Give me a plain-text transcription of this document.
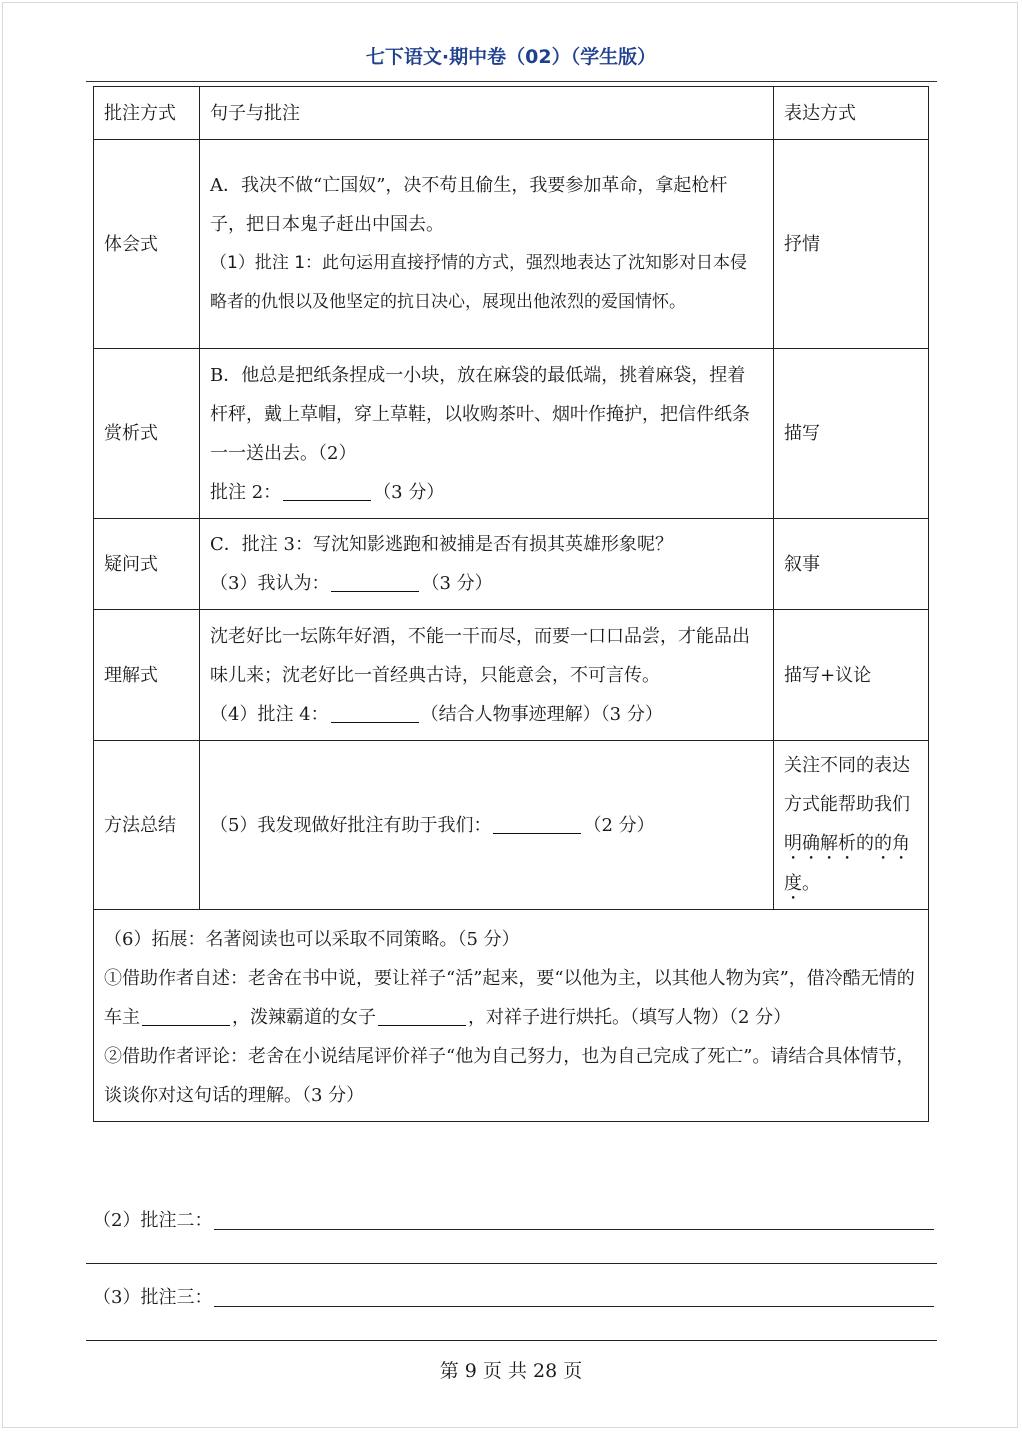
七下语文·期中卷（02）（学生版）
批注方式	句子与批注	表达方式
体会式	A．我决不做“亡国奴”，决不苟且偷生，我要参加革命，拿起枪杆子，把日本鬼子赶出中国去。
（1）批注 1：此句运用直接抒情的方式，强烈地表达了沈知影对日本侵略者的仇恨以及他坚定的抗日决心，展现出他浓烈的爱国情怀。	抒情
赏析式	B．他总是把纸条捏成一小块，放在麻袋的最低端，挑着麻袋，捏着杆秤，戴上草帽，穿上草鞋，以收购茶叶、烟叶作掩护，把信件纸条一一送出去。（2）
批注 2： （3 分）	描写
疑问式	C．批注 3：写沈知影逃跑和被捕是否有损其英雄形象呢？
（3）我认为： （3 分）	叙事
理解式	沈老好比一坛陈年好酒，不能一干而尽，而要一口口品尝，才能品出味儿来；沈老好比一首经典古诗，只能意会，不可言传。
（4）批注 4： （结合人物事迹理解）（3 分）	描写+议论
方法总结	（5）我发现做好批注有助于我们： （2 分）	关注不同的表达方式能帮助我们明确解析的的角度。

（6）拓展：名著阅读也可以采取不同策略。（5 分）
①借助作者自述：老舍在书中说，要让祥子“活”起来，要“以他为主，以其他人物为宾”，借冷酷无情的车主 ，泼辣霸道的女子 ，对祥子进行烘托。（填写人物）（2 分）
②借助作者评论：老舍在小说结尾评价祥子“他为自己努力，也为自己完成了死亡”。请结合具体情节，谈谈你对这句话的理解。（3 分）		
（2）批注二：
（3）批注三：
第 9 页 共 28 页
